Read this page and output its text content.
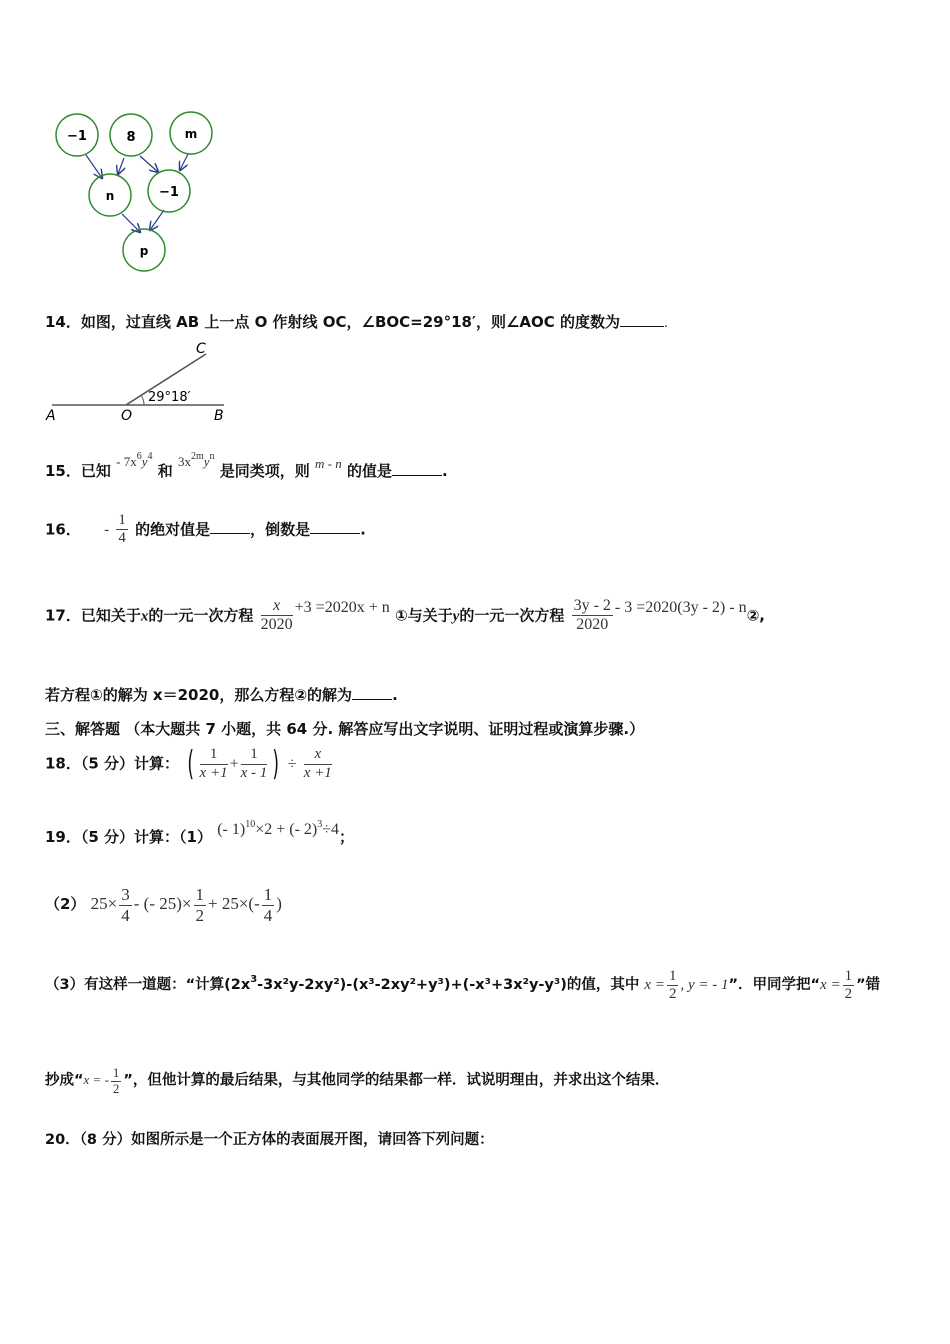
−1	8	m
n	−1
p
14．如图，过直线 AB 上一点 O 作射线 OC，∠BOC=29°18′，则∠AOC 的度数为	.
A	O	B
C
29°18′
15．已知 - $7x^6y^4$ 和 $3x^{2m}y^n$ 是同类项，则 m - n 的值是	.
16． - $\frac{1}{4}$ 的绝对值是	，倒数是	.
17．已知关于x的一元一次方程 $\frac{x}{2020} +3 =2020x + n$ ①与关于y的一元一次方程 $\frac{3y - 2}{2020} - 3 =2020(3y - 2)$ - n②,
若方程①的解为 x＝2020，那么方程②的解为	.
三、解答题 （本大题共 7 小题，共 64 分. 解答应写出文字说明、证明过程或演算步骤.）
18．（5 分）计算： ( $\frac{1}{x +1} + \frac{1}{x - 1}$ ) ÷ $\frac{x}{x +1}$
19．（5 分）计算：（1） (- 1)$^{10}$×2 + (- 2)$^3$÷4；
（2） $25\times \frac{3}{4}$ - (- $25)\times \frac{1}{2} + 25\times(- \frac{1}{4}$ )
（3）有这样一道题：“计算$(2x^3-3x^2y-2xy^2)-(x^3-2xy^2+y^3)+(-x^3+3x^2y-y^3)$的值，其中 $x = \frac{1}{2}$ , y = - 1”．甲同学把“$x = \frac{1}{2}$ ”错
抄成“x = - $\frac{1}{2}$ ”，但他计算的最后结果，与其他同学的结果都一样．试说明理由，并求出这个结果．
20．（8 分）如图所示是一个正方体的表面展开图，请回答下列问题：
